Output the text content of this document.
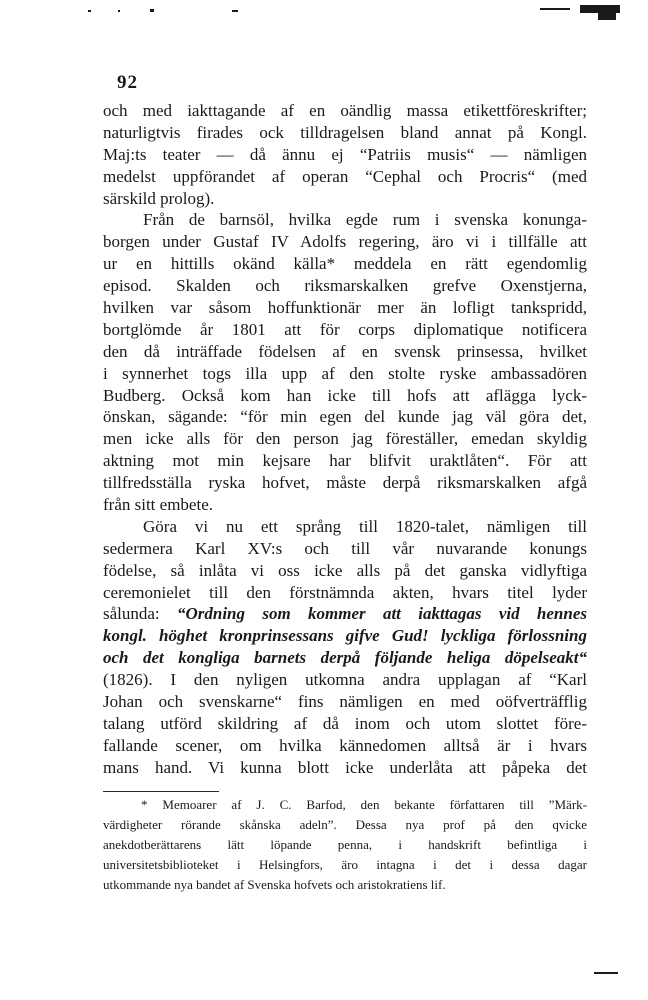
92
och med iakttagande af en oändlig massa etikettföreskrifter;
naturligtvis firades ock tilldragelsen bland annat på Kongl.
Maj:ts teater — då ännu ej “Patriis musis“ — nämligen
medelst uppförandet af operan “Cephal och Procris“ (med
särskild prolog).
Från de barnsöl, hvilka egde rum i svenska konunga-
borgen under Gustaf IV Adolfs regering, äro vi i tillfälle att
ur en hittills okänd källa* meddela en rätt egendomlig
episod. Skalden och riksmarskalken grefve Oxenstjerna,
hvilken var såsom hoffunktionär mer än lofligt tankspridd,
bortglömde år 1801 att för corps diplomatique notificera
den då inträffade födelsen af en svensk prinsessa, hvilket
i synnerhet togs illa upp af den stolte ryske ambassadören
Budberg. Också kom han icke till hofs att aflägga lyck-
önskan, sägande: “för min egen del kunde jag väl göra det,
men icke alls för den person jag föreställer, emedan skyldig
aktning mot min kejsare har blifvit uraktlåten“. För att
tillfredsställa ryska hofvet, måste derpå riksmarskalken afgå
från sitt embete.
Göra vi nu ett språng till 1820-talet, nämligen till
sedermera Karl XV:s och till vår nuvarande konungs
födelse, så inlåta vi oss icke alls på det ganska vidlyftiga
ceremonielet till den förstnämnda akten, hvars titel lyder
sålunda: “Ordning som kommer att iakttagas vid hennes
kongl. höghet kronprinsessans gifve Gud! lyckliga förlossning
och det kongliga barnets derpå följande heliga döpelseakt“
(1826). I den nyligen utkomna andra upplagan af “Karl
Johan och svenskarne“ fins nämligen en med oöfverträfflig
talang utförd skildring af då inom och utom slottet före-
fallande scener, om hvilka kännedomen alltså är i hvars
mans hand. Vi kunna blott icke underlåta att påpeka det
* Memoarer af J. C. Barfod, den bekante författaren till ”Märk-
värdigheter rörande skånska adeln”. Dessa nya prof på den qvicke
anekdotberättarens lätt löpande penna, i handskrift befintliga i
universitetsbiblioteket i Helsingfors, äro intagna i det i dessa dagar
utkommande nya bandet af Svenska hofvets och aristokratiens lif.
